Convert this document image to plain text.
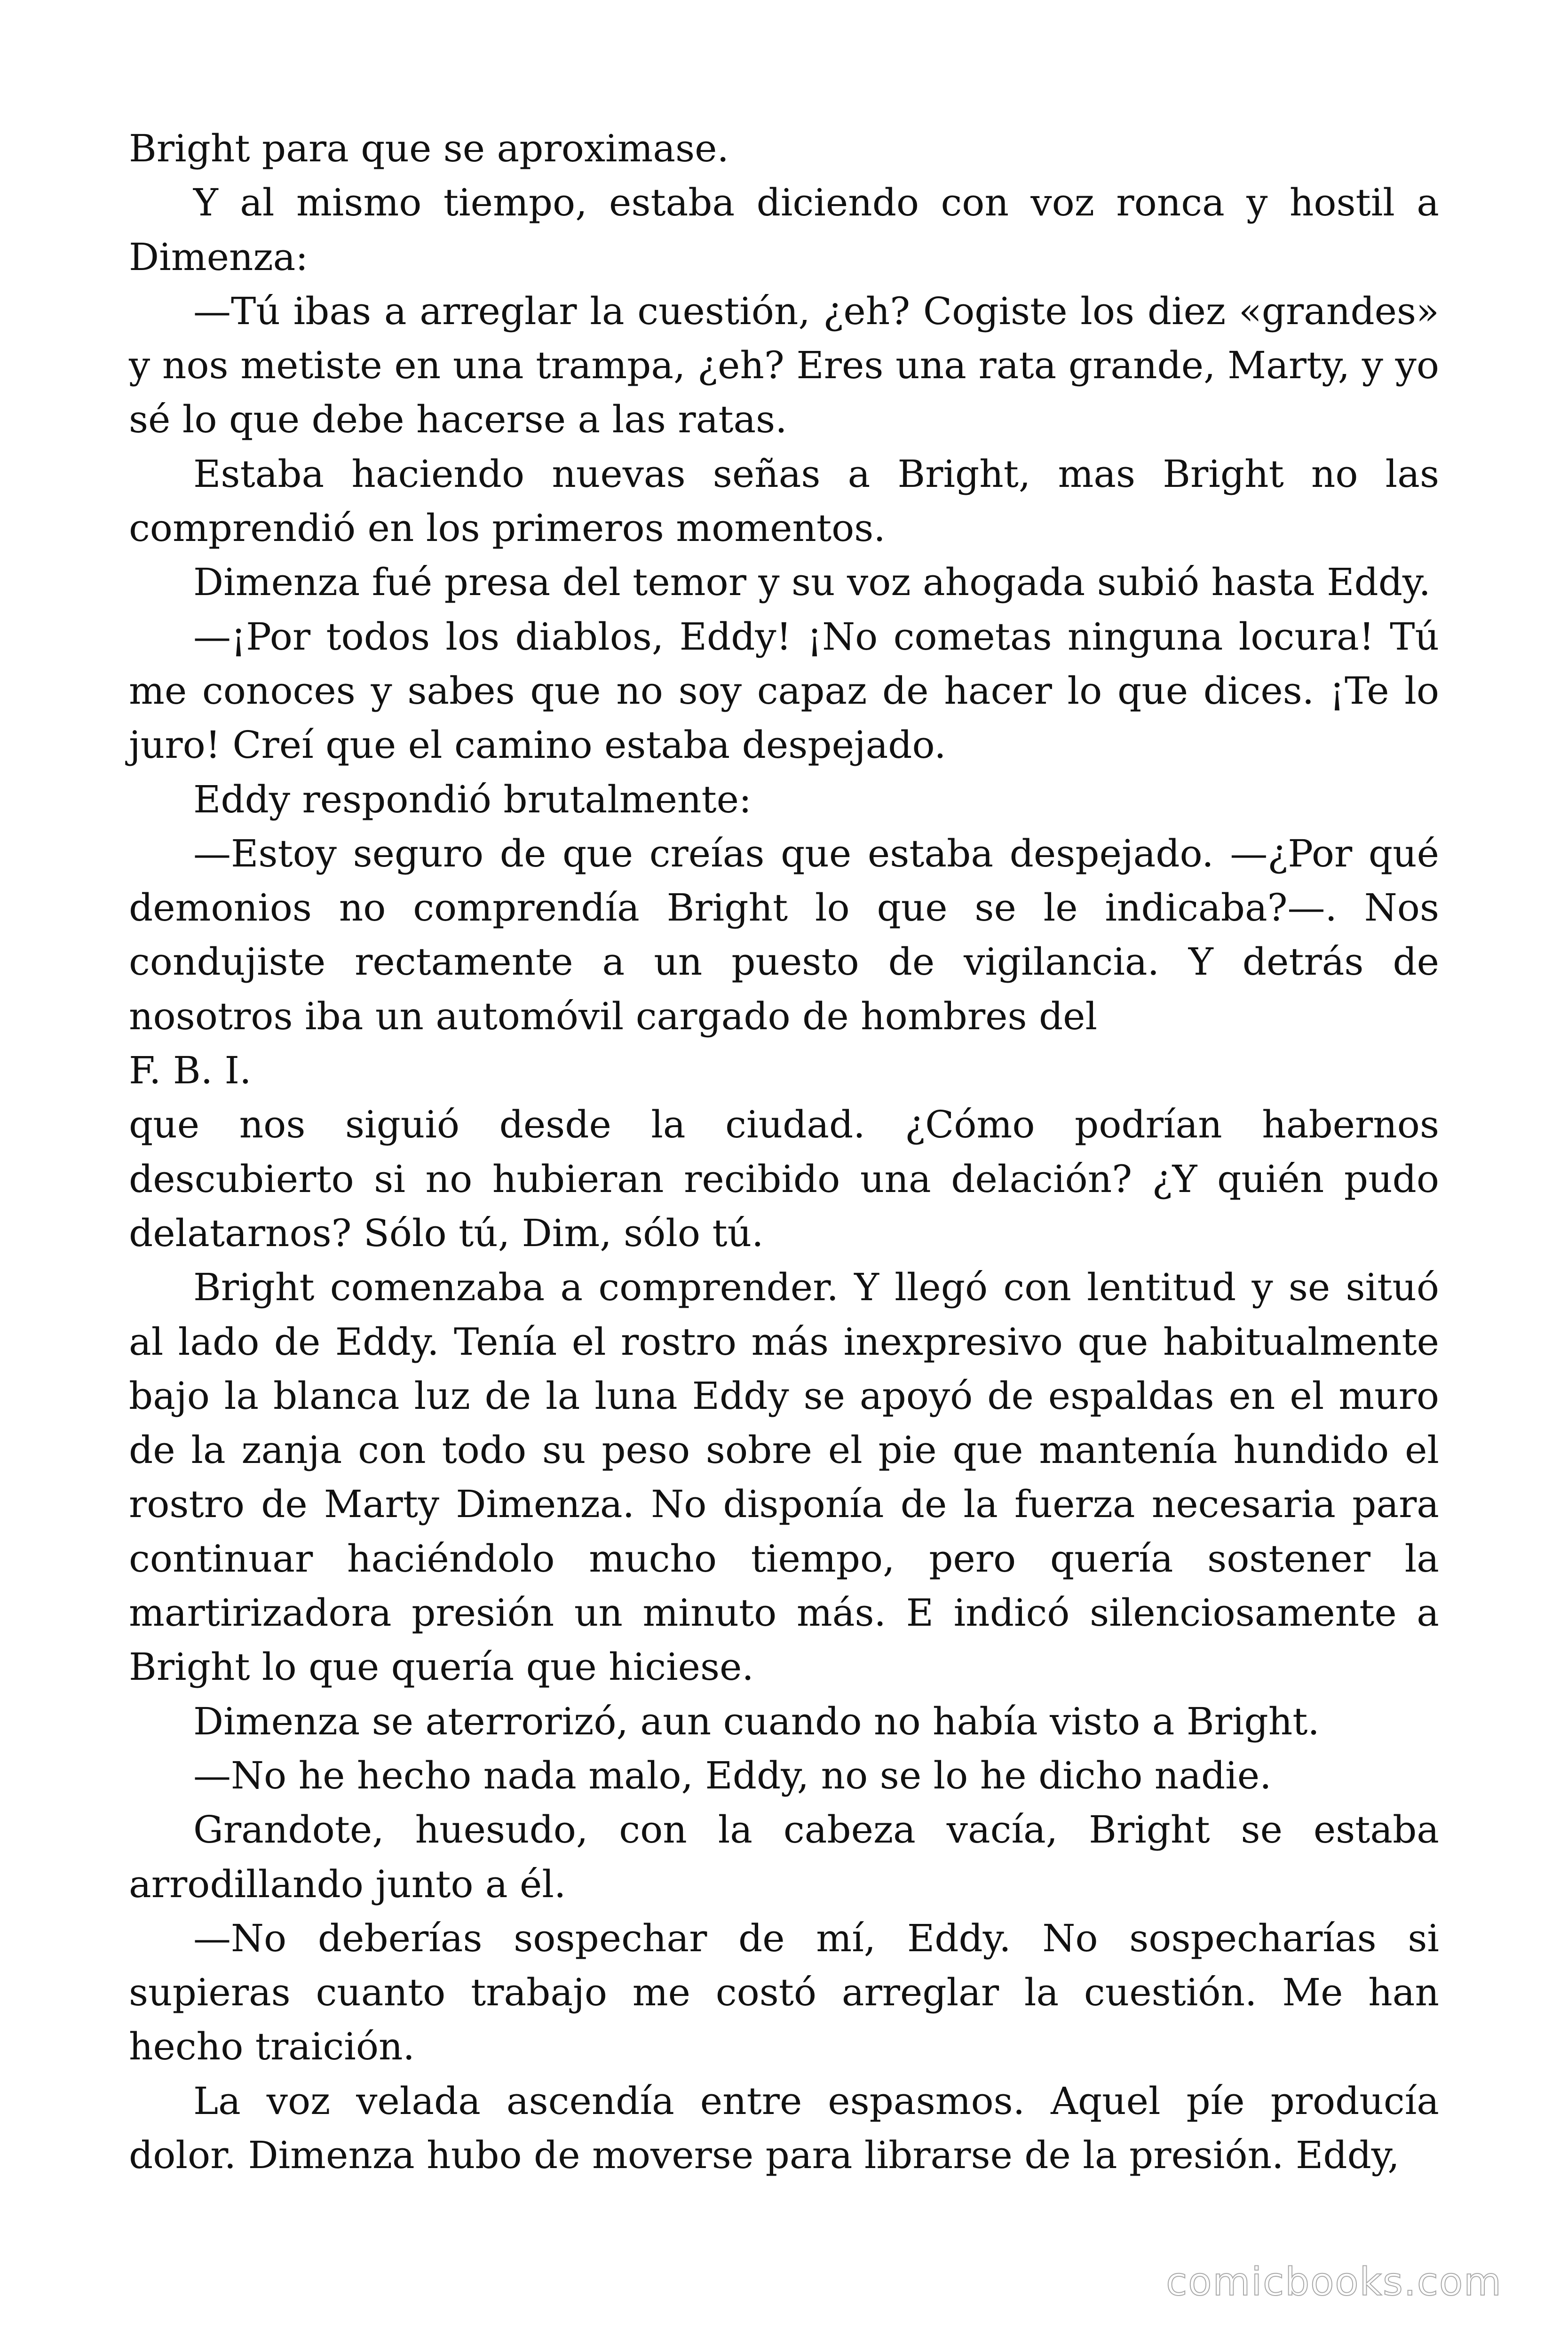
Bright para que se aproximase.

Y al mismo tiempo, estaba diciendo con voz ronca y hostil a Dimenza:

—Tú ibas a arreglar la cuestión, ¿eh? Cogiste los diez «grandes» y nos metiste en una trampa, ¿eh? Eres una rata grande, Marty, y yo sé lo que debe hacerse a las ratas.

Estaba haciendo nuevas señas a Bright, mas Bright no las comprendió en los primeros momentos.

Dimenza fué presa del temor y su voz ahogada subió hasta Eddy.

—¡Por todos los diablos, Eddy! ¡No cometas ninguna locura! Tú me conoces y sabes que no soy capaz de hacer lo que dices. ¡Te lo juro! Creí que el camino estaba despejado.

Eddy respondió brutalmente:

—Estoy seguro de que creías que estaba despejado. —¿Por qué demonios no comprendía Bright lo que se le indicaba?—. Nos condujiste rectamente a un puesto de vigilancia. Y detrás de nosotros iba un automóvil cargado de hombres del

F. B. I.

que nos siguió desde la ciudad. ¿Cómo podrían habernos descubierto si no hubieran recibido una delación? ¿Y quién pudo delatarnos? Sólo tú, Dim, sólo tú.

Bright comenzaba a comprender. Y llegó con lentitud y se situó al lado de Eddy. Tenía el rostro más inexpresivo que habitualmente bajo la blanca luz de la luna Eddy se apoyó de espaldas en el muro de la zanja con todo su peso sobre el pie que mantenía hundido el rostro de Marty Dimenza. No disponía de la fuerza necesaria para continuar haciéndolo mucho tiempo, pero quería sostener la martirizadora presión un minuto más. E indicó silenciosamente a Bright lo que quería que hiciese.

Dimenza se aterrorizó, aun cuando no había visto a Bright.

—No he hecho nada malo, Eddy, no se lo he dicho nadie.

Grandote, huesudo, con la cabeza vacía, Bright se estaba arrodillando junto a él.

—No deberías sospechar de mí, Eddy. No sospecharías si supieras cuanto trabajo me costó arreglar la cuestión. Me han hecho traición.

La voz velada ascendía entre espasmos. Aquel píe producía dolor. Dimenza hubo de moverse para librarse de la presión. Eddy,

comicbooks.com
